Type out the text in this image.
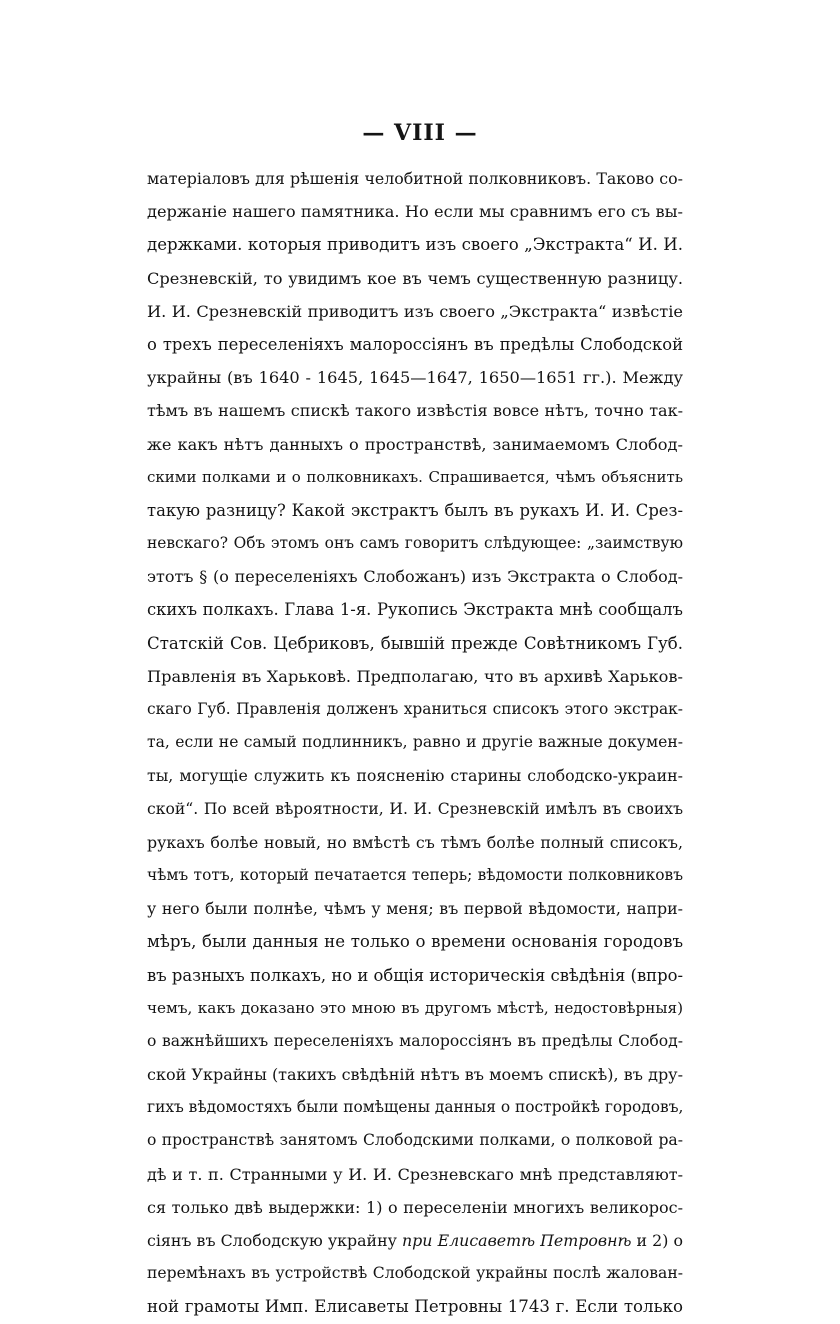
— VIII —
матеріаловъ для рѣшенія челобитной полковниковъ. Таково со-
держаніе нашего памятника. Но если мы сравнимъ его съ вы-
держками. которыя приводитъ изъ своего „Экстракта“ И. И.
Срезневскій, то увидимъ кое въ чемъ существенную разницу.
И. И. Срезневскій приводитъ изъ своего „Экстракта“ извѣстіе
о трехъ переселеніяхъ малороссіянъ въ предѣлы Слободской
украйны (въ 1640 - 1645, 1645—1647, 1650—1651 гг.). Между
тѣмъ въ нашемъ спискѣ такого извѣстія вовсе нѣтъ, точно так-
же какъ нѣтъ данныхъ о пространствѣ, занимаемомъ Слобод-
скими полками и о полковникахъ. Спрашивается, чѣмъ объяснить
такую разницу? Какой экстрактъ былъ въ рукахъ И. И. Срез-
невскаго? Объ этомъ онъ самъ говоритъ слѣдующее: „заимствую
этотъ § (о переселеніяхъ Слобожанъ) изъ Экстракта о Слобод-
скихъ полкахъ. Глава 1-я. Рукопись Экстракта мнѣ сообщалъ
Статскій Сов. Цебриковъ, бывшій прежде Совѣтникомъ Губ.
Правленія въ Харьковѣ. Предполагаю, что въ архивѣ Харьков-
скаго Губ. Правленія долженъ храниться списокъ этого экстрак-
та, если не самый подлинникъ, равно и другіе важные докумен-
ты, могущіе служить къ поясненію старины слободско-украин-
ской“. По всей вѣроятности, И. И. Срезневскій имѣлъ въ своихъ
рукахъ болѣе новый, но вмѣстѣ съ тѣмъ болѣе полный списокъ,
чѣмъ тотъ, который печатается теперь; вѣдомости полковниковъ
у него были полнѣе, чѣмъ у меня; въ первой вѣдомости, напри-
мѣръ, были данныя не только о времени основанія городовъ
въ разныхъ полкахъ, но и общія историческія свѣдѣнія (впро-
чемъ, какъ доказано это мною въ другомъ мѣстѣ, недостовѣрныя)
о важнѣйшихъ переселеніяхъ малороссіянъ въ предѣлы Слобод-
ской Украйны (такихъ свѣдѣній нѣтъ въ моемъ спискѣ), въ дру-
гихъ вѣдомостяхъ были помѣщены данныя о постройкѣ городовъ,
о пространствѣ занятомъ Слободскими полками, о полковой ра-
дѣ и т. п. Странными у И. И. Срезневскаго мнѣ представляют-
ся только двѣ выдержки: 1) о переселеніи многихъ великорос-
сіянъ въ Слободскую украйну при Елисаветѣ Петровнѣ и 2) о
перемѣнахъ въ устройствѣ Слободской украйны послѣ жалован-
ной грамоты Имп. Елисаветы Петровны 1743 г. Если только
